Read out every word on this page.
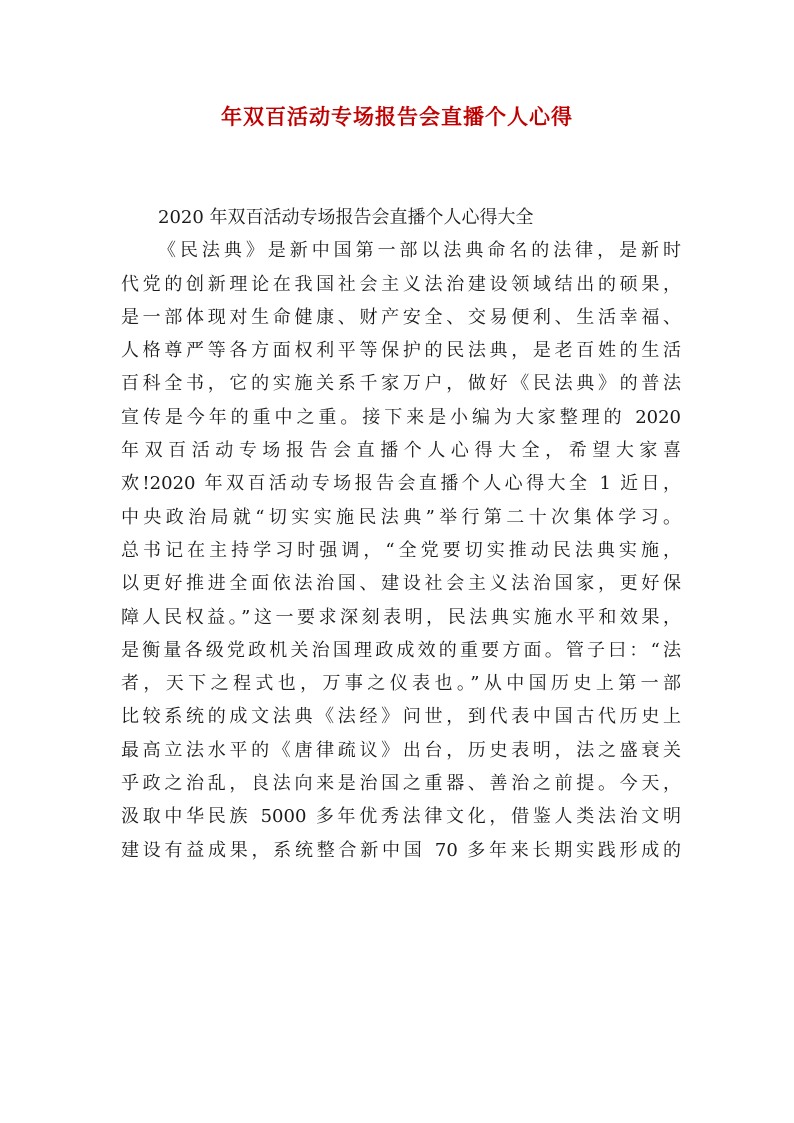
年双百活动专场报告会直播个人心得
2020 年双百活动专场报告会直播个人心得大全
《民法典》是新中国第一部以法典命名的法律，是新时
代党的创新理论在我国社会主义法治建设领域结出的硕果，
是一部体现对生命健康、财产安全、交易便利、生活幸福、
人格尊严等各方面权利平等保护的民法典，是老百姓的生活
百科全书，它的实施关系千家万户，做好《民法典》的普法
宣传是今年的重中之重。接下来是小编为大家整理的 2020
年双百活动专场报告会直播个人心得大全，希望大家喜
欢!2020 年双百活动专场报告会直播个人心得大全 1 近日，
中央政治局就“切实实施民法典”举行第二十次集体学习。
总书记在主持学习时强调，“全党要切实推动民法典实施，
以更好推进全面依法治国、建设社会主义法治国家，更好保
障人民权益。”这一要求深刻表明，民法典实施水平和效果，
是衡量各级党政机关治国理政成效的重要方面。管子曰：“法
者，天下之程式也，万事之仪表也。”从中国历史上第一部
比较系统的成文法典《法经》问世，到代表中国古代历史上
最高立法水平的《唐律疏议》出台，历史表明，法之盛衰关
乎政之治乱，良法向来是治国之重器、善治之前提。今天，
汲取中华民族 5000 多年优秀法律文化，借鉴人类法治文明
建设有益成果，系统整合新中国 70 多年来长期实践形成的
